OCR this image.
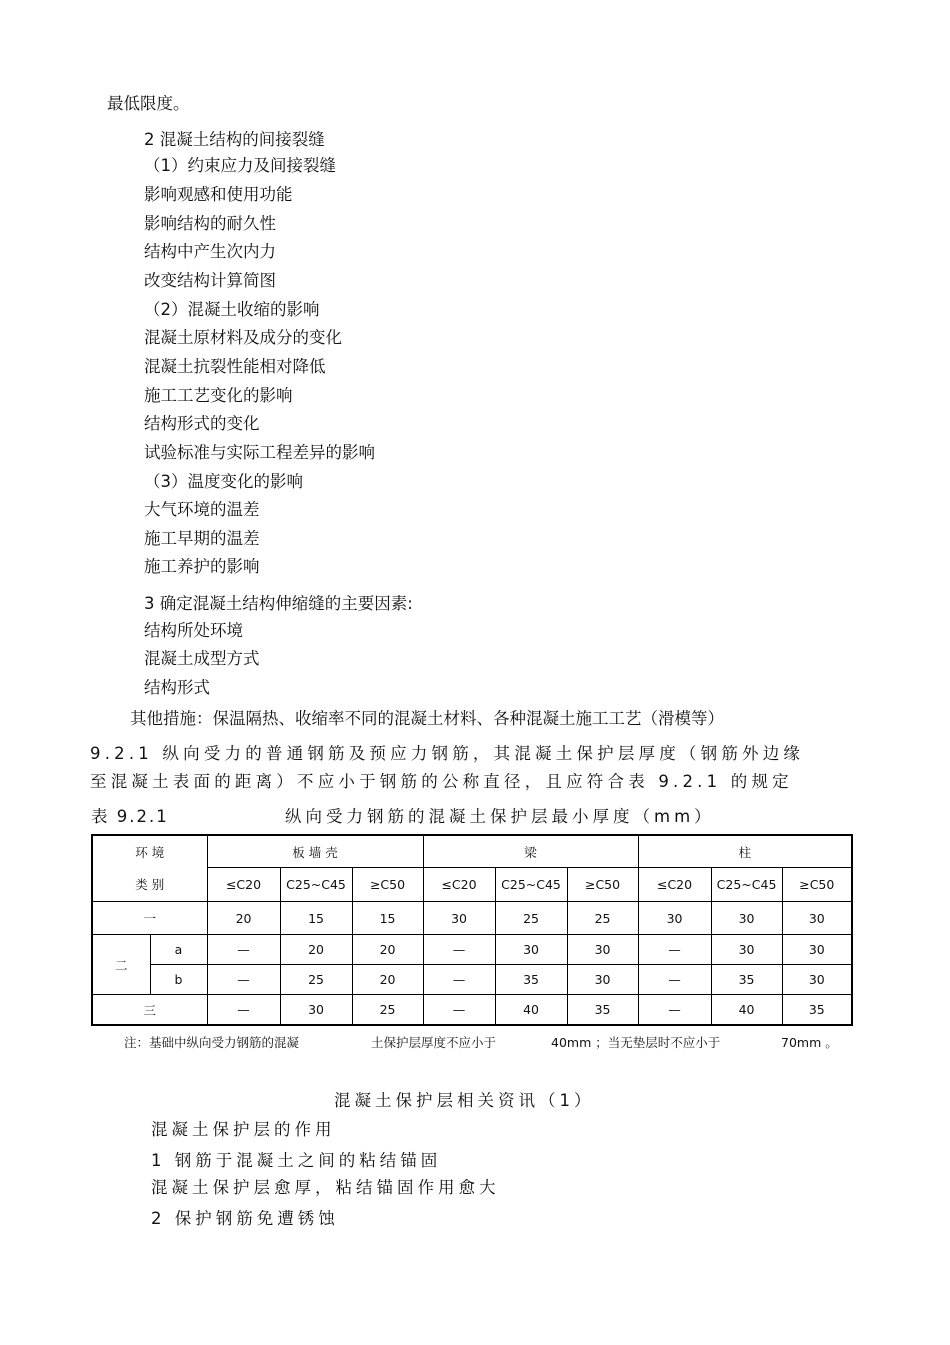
最低限度。
2 混凝土结构的间接裂缝
（1）约束应力及间接裂缝
影响观感和使用功能
影响结构的耐久性
结构中产生次内力
改变结构计算简图
（2）混凝土收缩的影响
混凝土原材料及成分的变化
混凝土抗裂性能相对降低
施工工艺变化的影响
结构形式的变化
试验标准与实际工程差异的影响
（3）温度变化的影响
大气环境的温差
施工早期的温差
施工养护的影响
3 确定混凝土结构伸缩缝的主要因素:
结构所处环境
混凝土成型方式
结构形式
其他措施：保温隔热、收缩率不同的混凝土材料、各种混凝土施工工艺（滑模等）
9.2.1 纵向受力的普通钢筋及预应力钢筋，其混凝土保护层厚度（钢筋外边缘
至混凝土表面的距离）不应小于钢筋的公称直径，且应符合表 9.2.1 的规定
表 9.2.1	纵向受力钢筋的混凝土保护层最小厚度（mm）
环 境		板 墙 壳			梁			柱		
类 别		≤C20	C25~C45	≥C50	≤C20	C25~C45	≥C50	≤C20	C25~C45	≥C50
一		20	15	15	30	25	25	30	30	30
二	a	—	20	20	—	30	30	—	30	30
	b	—	25	20	—	35	30	—	35	30
三		—	30	25	—	40	35	—	40	35
注：基础中纵向受力钢筋的混凝	土保护层厚度不应小于	40mm ；当无垫层时不应小于	70mm 。
混凝土保护层相关资讯（1）
混凝土保护层的作用
1 钢筋于混凝土之间的粘结锚固
混凝土保护层愈厚，粘结锚固作用愈大
2 保护钢筋免遭锈蚀
